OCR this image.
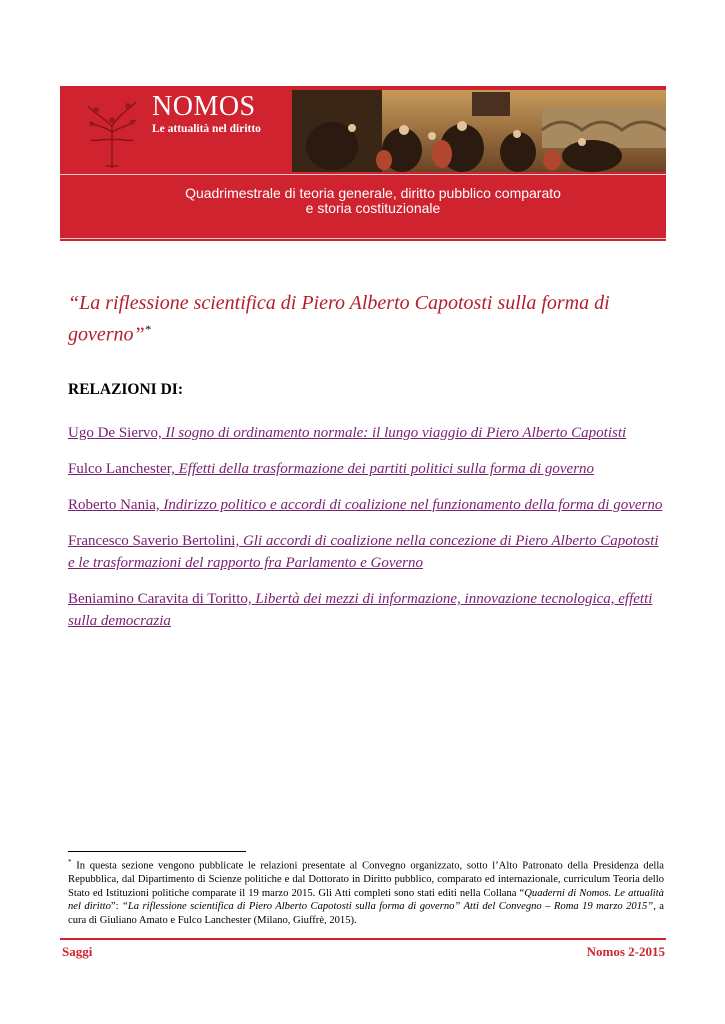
NOMOS
Le attualità nel diritto
Quadrimestrale di teoria generale, diritto pubblico comparato
e storia costituzionale
“La riflessione scientifica di Piero Alberto Capotosti sulla forma di governo”*
RELAZIONI DI:
Ugo De Siervo, Il sogno di ordinamento normale: il lungo viaggio di Piero Alberto Capotisti
Fulco Lanchester, Effetti della trasformazione dei partiti politici sulla forma di governo
Roberto Nania, Indirizzo politico e accordi di coalizione nel funzionamento della forma di governo
Francesco Saverio Bertolini, Gli accordi di coalizione nella concezione di Piero Alberto Capotosti e le trasformazioni del rapporto fra Parlamento e Governo
Beniamino Caravita di Toritto, Libertà dei mezzi di informazione, innovazione tecnologica, effetti sulla democrazia
* In questa sezione vengono pubblicate le relazioni presentate al Convegno organizzato, sotto l’Alto Patronato della Presidenza della Repubblica, dal Dipartimento di Scienze politiche e dal Dottorato in Diritto pubblico, comparato ed internazionale, curriculum Teoria dello Stato ed Istituzioni politiche comparate il 19 marzo 2015. Gli Atti completi sono stati editi nella Collana “Quaderni di Nomos. Le attualità nel diritto”: “La riflessione scientifica di Piero Alberto Capotosti sulla forma di governo” Atti del Convegno – Roma 19 marzo 2015”, a cura di Giuliano Amato e Fulco Lanchester (Milano, Giuffrè, 2015).
Saggi	Nomos 2-2015
